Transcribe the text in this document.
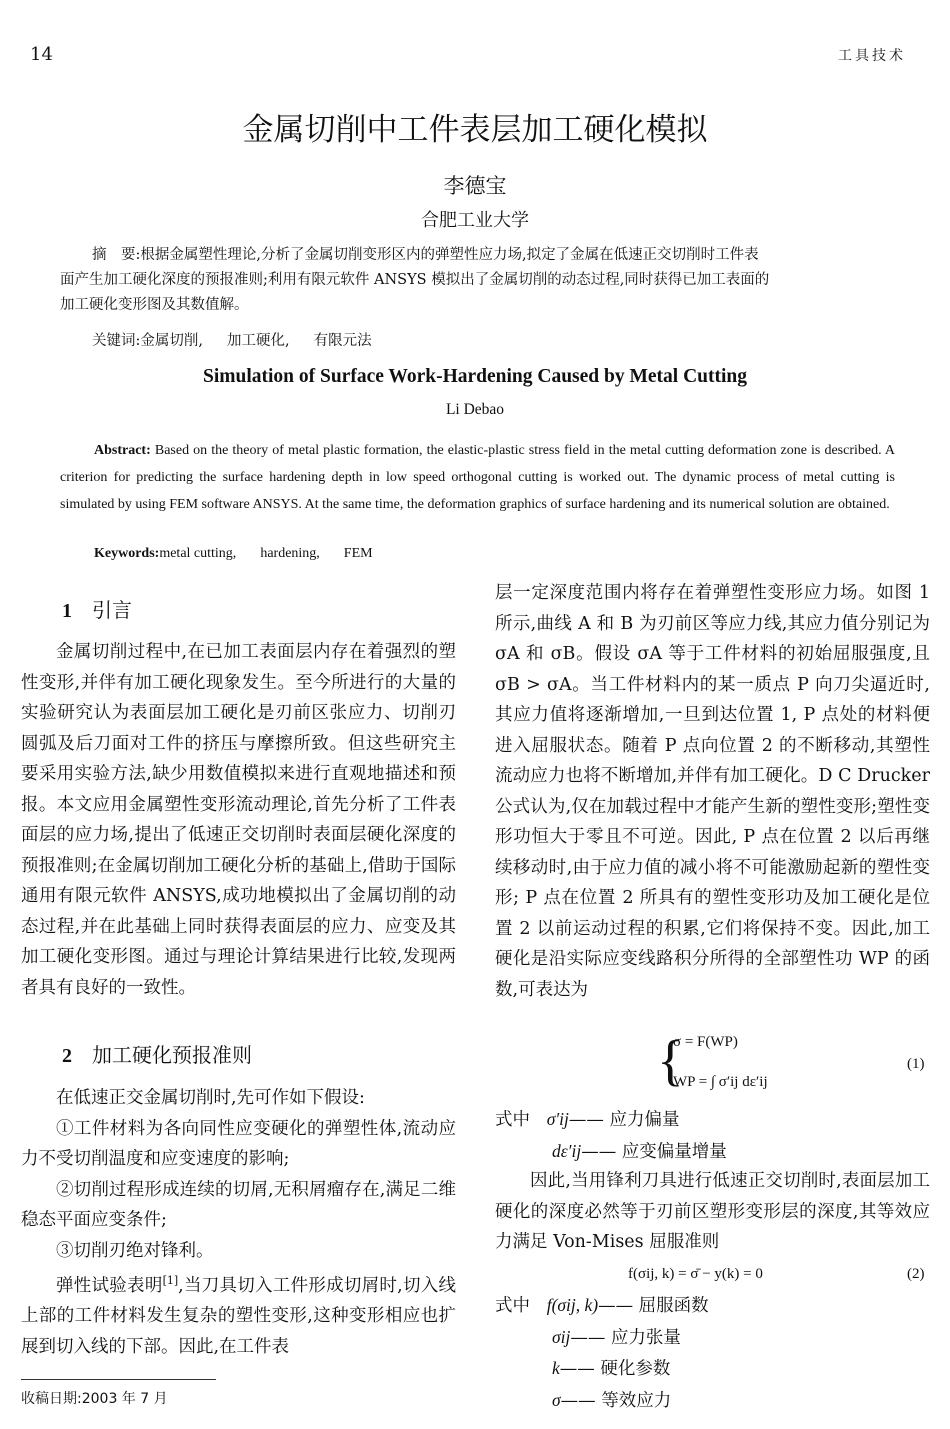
14	工具技术
金属切削中工件表层加工硬化模拟
李德宝
合肥工业大学
摘　要:根据金属塑性理论,分析了金属切削变形区内的弹塑性应力场,拟定了金属在低速正交切削时工件表
面产生加工硬化深度的预报准则;利用有限元软件 ANSYS 模拟出了金属切削的动态过程,同时获得已加工表面的
加工硬化变形图及其数值解。
关键词:金属切削, 加工硬化, 有限元法
Simulation of Surface Work-Hardening Caused by Metal Cutting
Li Debao
Abstract: Based on the theory of metal plastic formation, the elastic-plastic stress field in the metal cutting deformation zone is described. A criterion for predicting the surface hardening depth in low speed orthogonal cutting is worked out. The dynamic process of metal cutting is simulated by using FEM software ANSYS. At the same time, the deformation graphics of surface hardening and its numerical solution are obtained.
Keywords:metal cutting, hardening, FEM
1 引言
金属切削过程中,在已加工表面层内存在着强烈的塑性变形,并伴有加工硬化现象发生。至今所进行的大量的实验研究认为表面层加工硬化是刃前区张应力、切削刃圆弧及后刀面对工件的挤压与摩擦所致。但这些研究主要采用实验方法,缺少用数值模拟来进行直观地描述和预报。本文应用金属塑性变形流动理论,首先分析了工件表面层的应力场,提出了低速正交切削时表面层硬化深度的预报准则;在金属切削加工硬化分析的基础上,借助于国际通用有限元软件 ANSYS,成功地模拟出了金属切削的动态过程,并在此基础上同时获得表面层的应力、应变及其加工硬化变形图。通过与理论计算结果进行比较,发现两者具有良好的一致性。
2 加工硬化预报准则
在低速正交金属切削时,先可作如下假设:
①工件材料为各向同性应变硬化的弹塑性体,流动应力不受切削温度和应变速度的影响;
②切削过程形成连续的切屑,无积屑瘤存在,满足二维稳态平面应变条件;
③切削刃绝对锋利。
弹性试验表明[1],当刀具切入工件形成切屑时,切入线上部的工件材料发生复杂的塑性变形,这种变形相应也扩展到切入线的下部。因此,在工件表
收稿日期:2003 年 7 月
层一定深度范围内将存在着弹塑性变形应力场。如图 1 所示,曲线 A 和 B 为刃前区等应力线,其应力值分别记为 σA 和 σB。假设 σA 等于工件材料的初始屈服强度,且 σB > σA。当工件材料内的某一质点 P 向刀尖逼近时,其应力值将逐渐增加,一旦到达位置 1, P 点处的材料便进入屈服状态。随着 P 点向位置 2 的不断移动,其塑性流动应力也将不断增加,并伴有加工硬化。D C Drucker 公式认为,仅在加载过程中才能产生新的塑性变形;塑性变形功恒大于零且不可逆。因此, P 点在位置 2 以后再继续移动时,由于应力值的减小将不可能激励起新的塑性变形; P 点在位置 2 所具有的塑性变形功及加工硬化是位置 2 以前运动过程的积累,它们将保持不变。因此,加工硬化是沿实际应变线路积分所得的全部塑性功 WP 的函数,可表达为
{
σ = F(WP)
WP = ∫ σ′ij dε′ij
(1)
式中 σ′ij—— 应力偏量
dε′ij—— 应变偏量增量
因此,当用锋利刀具进行低速正交切削时,表面层加工硬化的深度必然等于刃前区塑形变形层的深度,其等效应力满足 Von-Mises 屈服准则
f(σij, k) = σ̄ − y(k) = 0	(2)
式中 f(σij, k)—— 屈服函数
σij—— 应力张量
k—— 硬化参数
σ—— 等效应力
